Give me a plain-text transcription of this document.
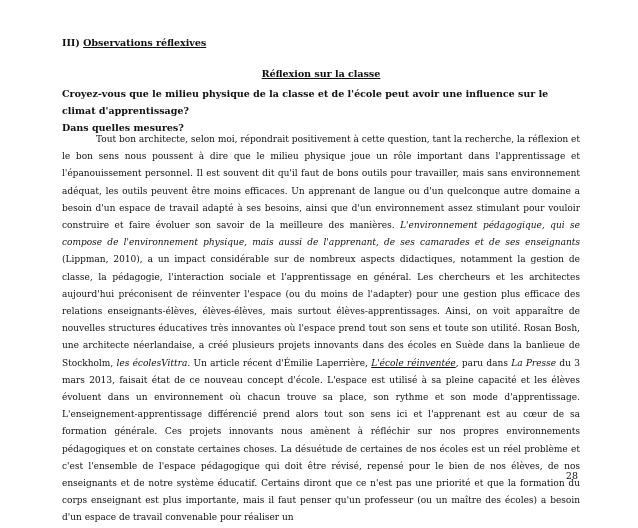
III) Observations réflexives
Réflexion sur la classe
Croyez-vous que le milieu physique de la classe et de l'école peut avoir une influence sur le climat d'apprentissage?
Dans quelles mesures?
Tout bon architecte, selon moi, répondrait positivement à cette question, tant la recherche, la réflexion et le bon sens nous poussent à dire que le milieu physique joue un rôle important dans l'apprentissage et l'épanouissement personnel. Il est souvent dit qu'il faut de bons outils pour travailler, mais sans environnement adéquat, les outils peuvent être moins efficaces. Un apprenant de langue ou d'un quelconque autre domaine a besoin d'un espace de travail adapté à ses besoins, ainsi que d'un environnement assez stimulant pour vouloir construire et faire évoluer son savoir de la meilleure des manières. L'environnement pédagogique, qui se compose de l'environnement physique, mais aussi de l'apprenant, de ses camarades et de ses enseignants (Lippman, 2010), a un impact considérable sur de nombreux aspects didactiques, notamment la gestion de classe, la pédagogie, l'interaction sociale et l'apprentissage en général. Les chercheurs et les architectes aujourd'hui préconisent de réinventer l'espace (ou du moins de l'adapter) pour une gestion plus efficace des relations enseignants-élèves, élèves-élèves, mais surtout élèves-apprentissages. Ainsi, on voit apparaître de nouvelles structures éducatives très innovantes où l'espace prend tout son sens et toute son utilité. Rosan Bosh, une architecte néerlandaise, a créé plusieurs projets innovants dans des écoles en Suède dans la banlieue de Stockholm, les écolesVittra. Un article récent d'Émilie Laperrière, L'école réinventée, paru dans La Presse du 3 mars 2013, faisait état de ce nouveau concept d'école. L'espace est utilisé à sa pleine capacité et les élèves évoluent dans un environnement où chacun trouve sa place, son rythme et son mode d'apprentissage. L'enseignement-apprentissage différencié prend alors tout son sens ici et l'apprenant est au cœur de sa formation générale. Ces projets innovants nous amènent à réfléchir sur nos propres environnements pédagogiques et on constate certaines choses. La désuétude de certaines de nos écoles est un réel problème et c'est l'ensemble de l'espace pédagogique qui doit être révisé, repensé pour le bien de nos élèves, de nos enseignants et de notre système éducatif. Certains diront que ce n'est pas une priorité et que la formation du corps enseignant est plus importante, mais il faut penser qu'un professeur (ou un maître des écoles) a besoin d'un espace de travail convenable pour réaliser un
28
